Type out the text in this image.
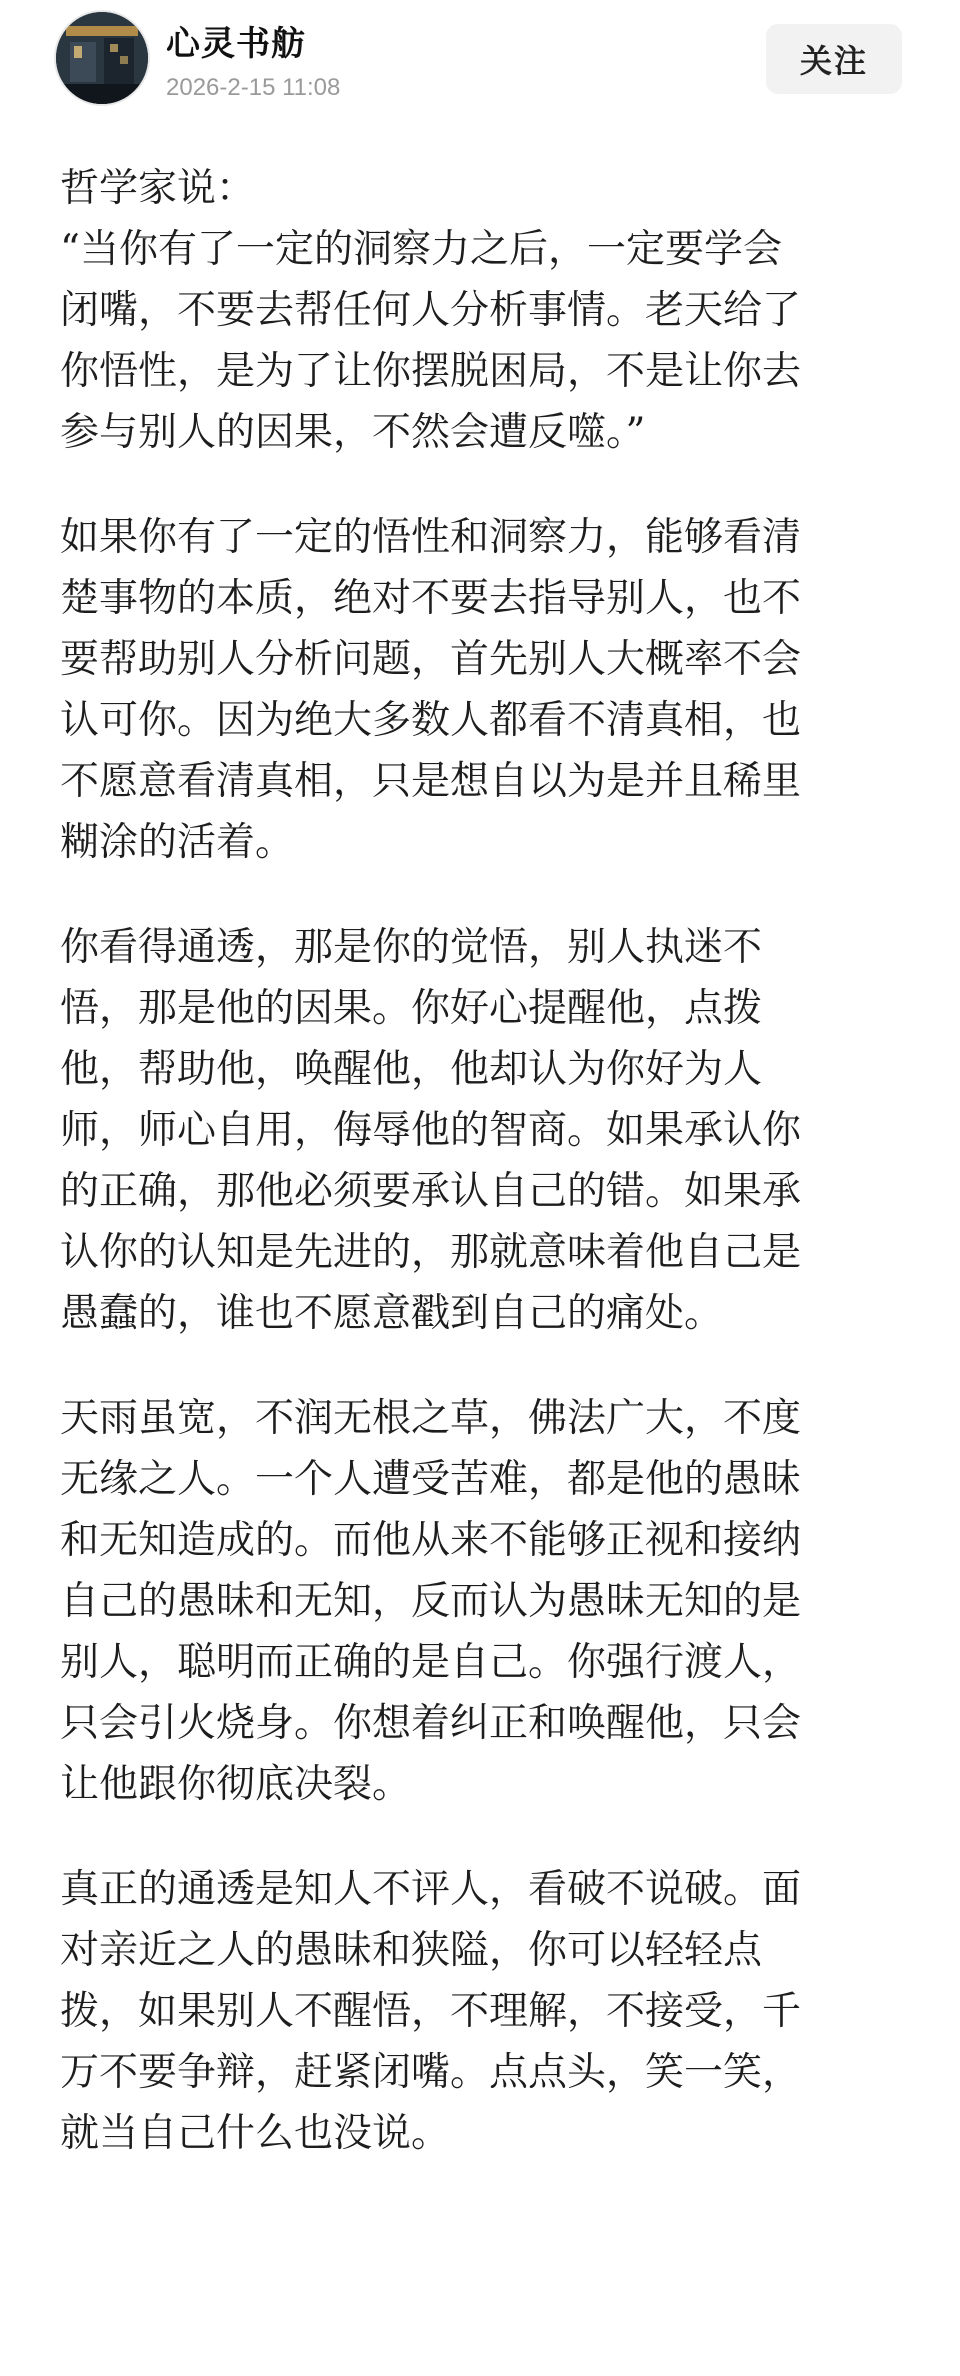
心灵书舫
2026-2-15 11:08
关注

哲学家说：

“当你有了一定的洞察力之后，一定要学会
闭嘴，不要去帮任何人分析事情。老天给了
你悟性，是为了让你摆脱困局，不是让你去
参与别人的因果，不然会遭反噬。”

如果你有了一定的悟性和洞察力，能够看清
楚事物的本质，绝对不要去指导别人，也不
要帮助别人分析问题，首先别人大概率不会
认可你。因为绝大多数人都看不清真相，也
不愿意看清真相，只是想自以为是并且稀里
糊涂的活着。

你看得通透，那是你的觉悟，别人执迷不
悟，那是他的因果。你好心提醒他，点拨
他，帮助他，唤醒他，他却认为你好为人
师，师心自用，侮辱他的智商。如果承认你
的正确，那他必须要承认自己的错。如果承
认你的认知是先进的，那就意味着他自己是
愚蠢的，谁也不愿意戳到自己的痛处。

天雨虽宽，不润无根之草，佛法广大，不度
无缘之人。一个人遭受苦难，都是他的愚昧
和无知造成的。而他从来不能够正视和接纳
自己的愚昧和无知，反而认为愚昧无知的是
别人，聪明而正确的是自己。你强行渡人，
只会引火烧身。你想着纠正和唤醒他，只会
让他跟你彻底决裂。

真正的通透是知人不评人，看破不说破。面
对亲近之人的愚昧和狭隘，你可以轻轻点
拨，如果别人不醒悟，不理解，不接受，千
万不要争辩，赶紧闭嘴。点点头，笑一笑，
就当自己什么也没说。
